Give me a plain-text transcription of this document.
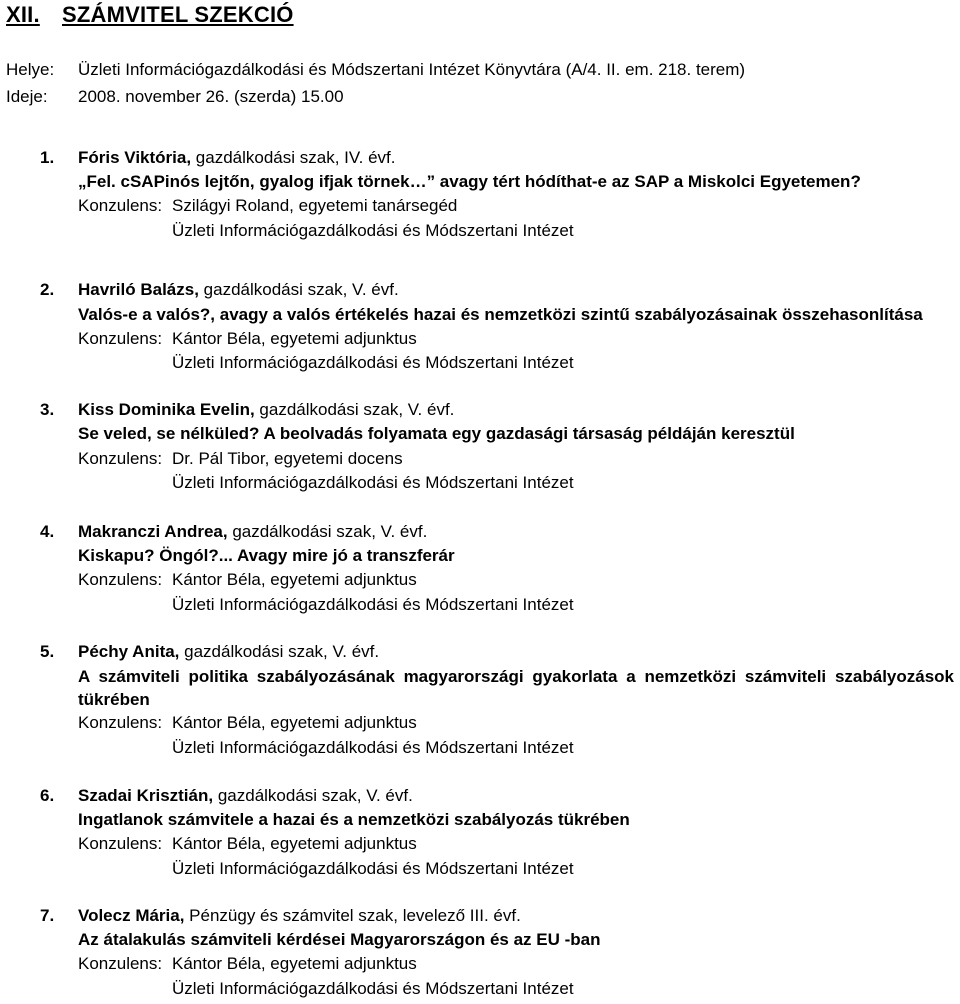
XII. SZÁMVITEL SZEKCIÓ
Helye: Üzleti Információgazdálkodási és Módszertani Intézet Könyvtára (A/4. II. em. 218. terem)
Ideje: 2008. november 26. (szerda) 15.00
1. Fóris Viktória, gazdálkodási szak, IV. évf.
„Fel. cSAPinós lejtőn, gyalog ifjak törnek…” avagy tért hódíthat-e az SAP a Miskolci Egyetemen?
Konzulens: Szilágyi Roland, egyetemi tanársegéd
Üzleti Információgazdálkodási és Módszertani Intézet
2. Havriló Balázs, gazdálkodási szak, V. évf.
Valós-e a valós?, avagy a valós értékelés hazai és nemzetközi szintű szabályozásainak összehasonlítása
Konzulens: Kántor Béla, egyetemi adjunktus
Üzleti Információgazdálkodási és Módszertani Intézet
3. Kiss Dominika Evelin, gazdálkodási szak, V. évf.
Se veled, se nélküled? A beolvadás folyamata egy gazdasági társaság példáján keresztül
Konzulens: Dr. Pál Tibor, egyetemi docens
Üzleti Információgazdálkodási és Módszertani Intézet
4. Makranczi Andrea, gazdálkodási szak, V. évf.
Kiskapu? Öngól?... Avagy mire jó a transzferár
Konzulens: Kántor Béla, egyetemi adjunktus
Üzleti Információgazdálkodási és Módszertani Intézet
5. Péchy Anita, gazdálkodási szak, V. évf.
A számviteli politika szabályozásának magyarországi gyakorlata a nemzetközi számviteli szabályozások tükrében
Konzulens: Kántor Béla, egyetemi adjunktus
Üzleti Információgazdálkodási és Módszertani Intézet
6. Szadai Krisztián, gazdálkodási szak, V. évf.
Ingatlanok számvitele a hazai és a nemzetközi szabályozás tükrében
Konzulens: Kántor Béla, egyetemi adjunktus
Üzleti Információgazdálkodási és Módszertani Intézet
7. Volecz Mária, Pénzügy és számvitel szak, levelező III. évf.
Az átalakulás számviteli kérdései Magyarországon és az EU -ban
Konzulens: Kántor Béla, egyetemi adjunktus
Üzleti Információgazdálkodási és Módszertani Intézet
